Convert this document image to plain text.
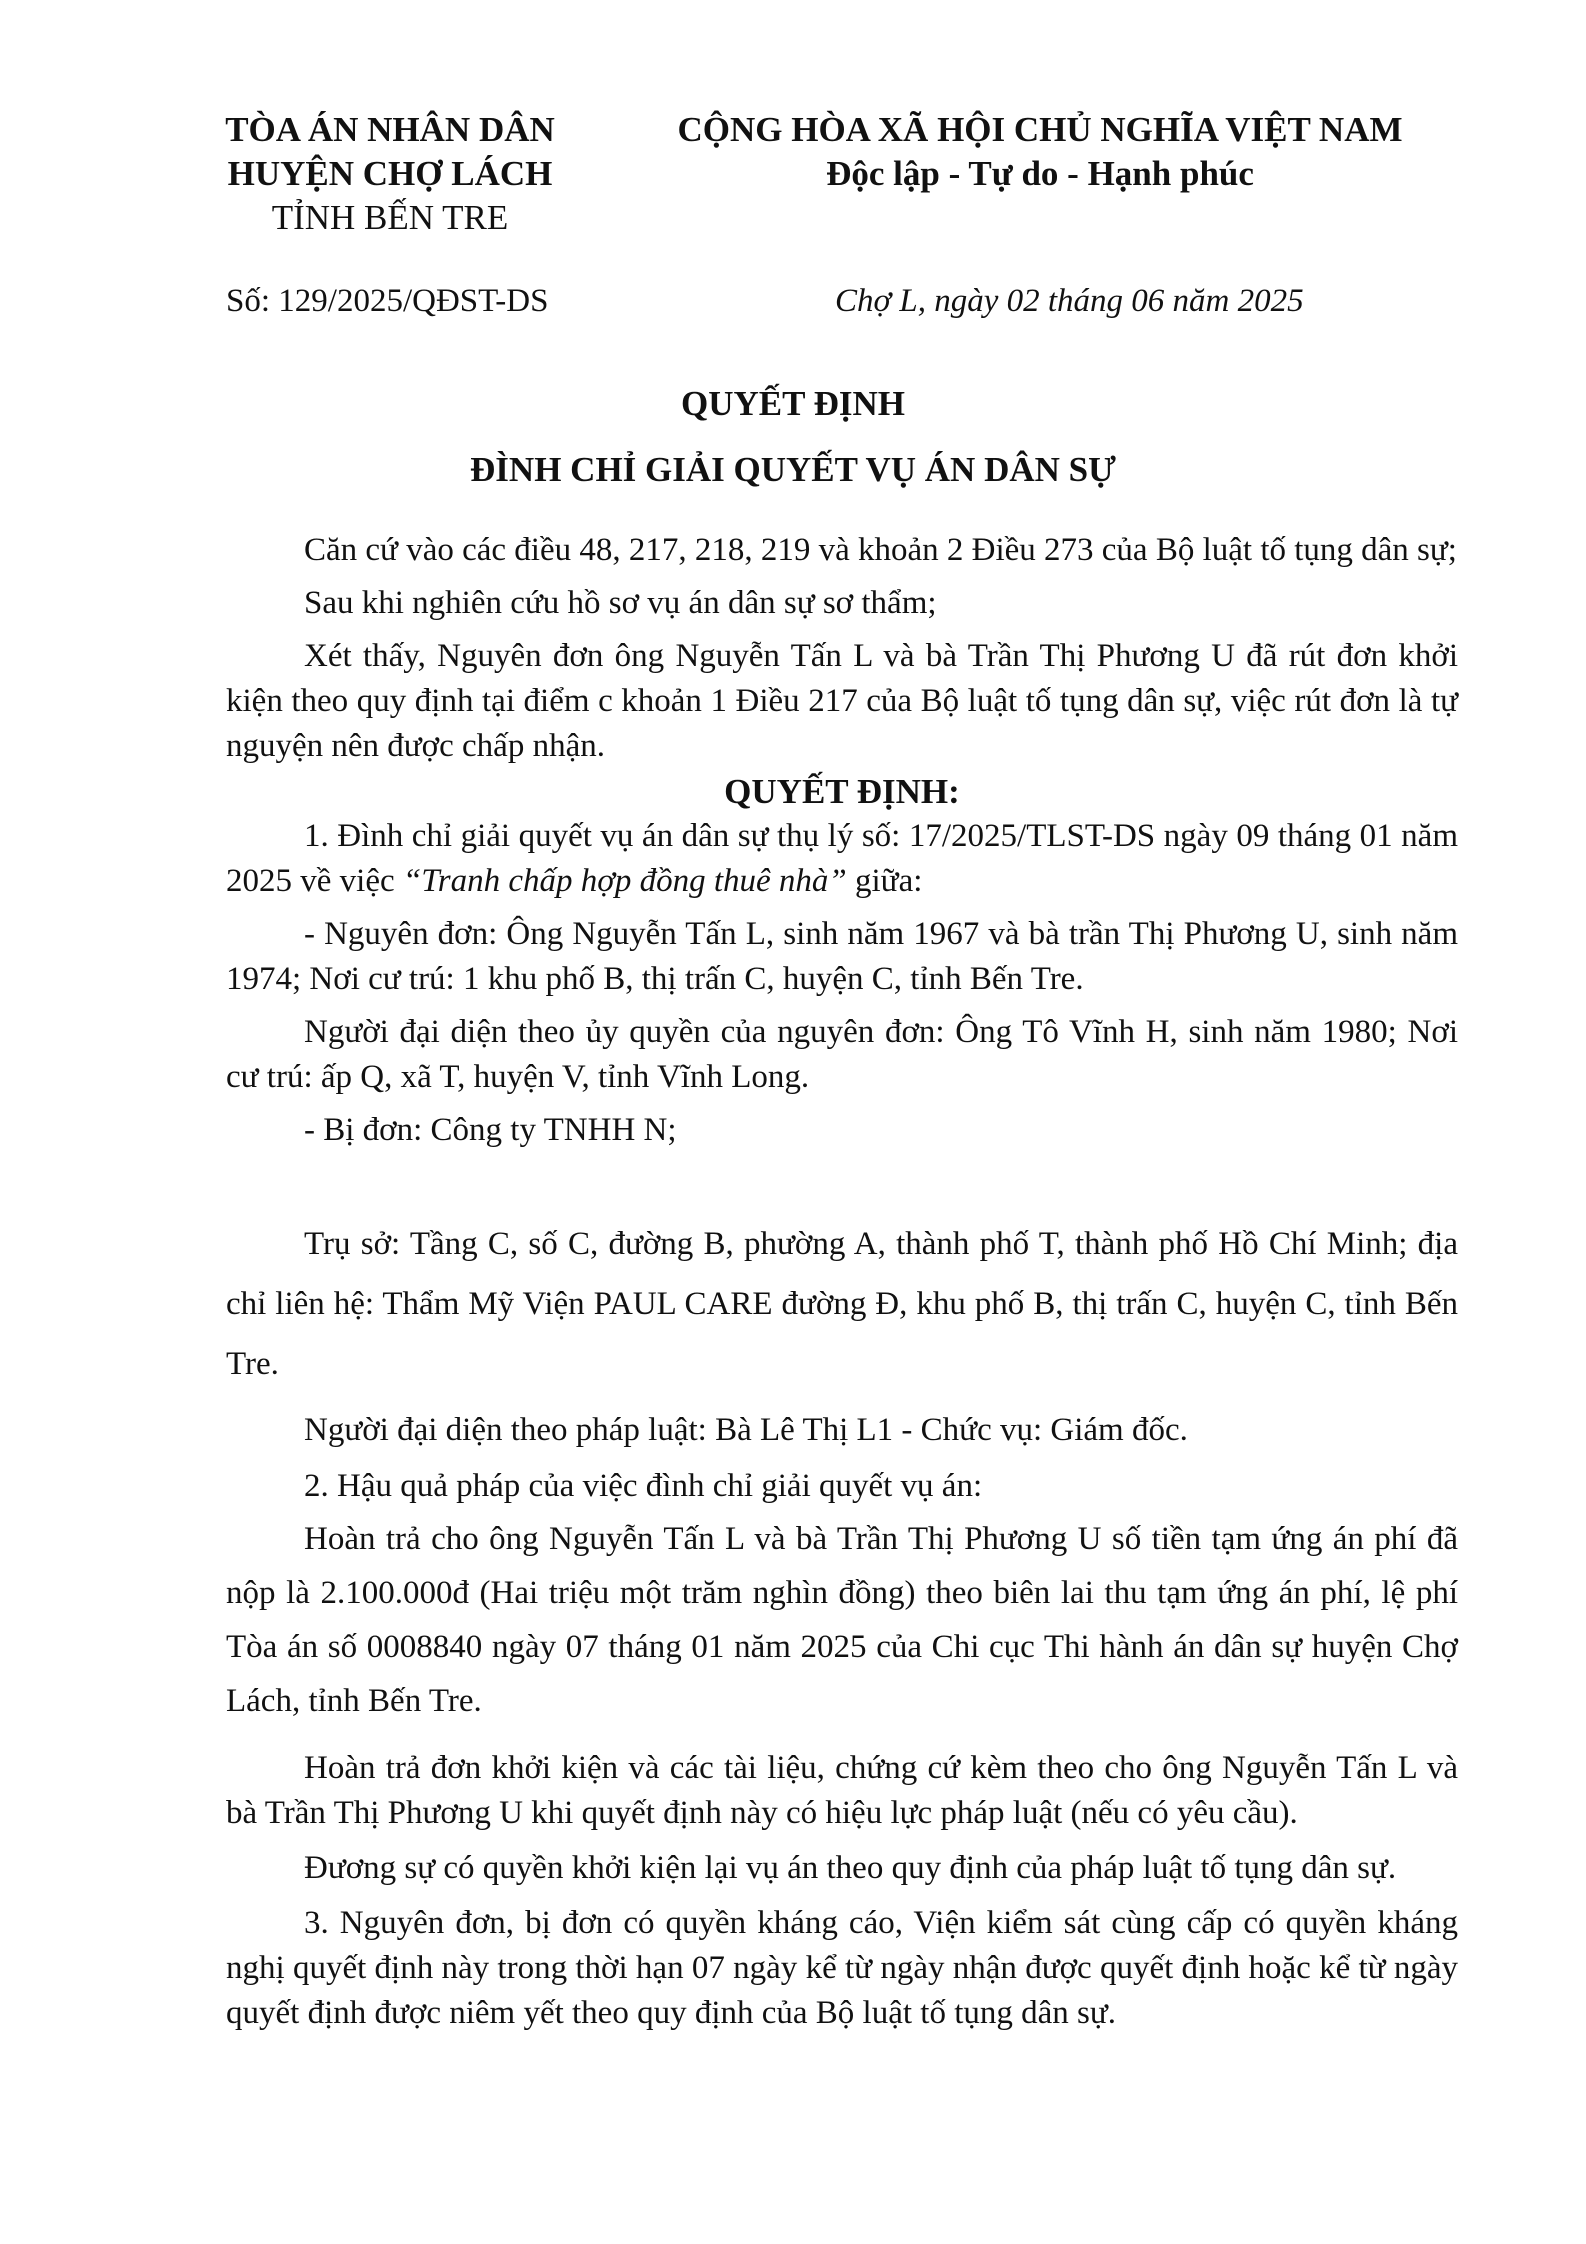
TÒA ÁN NHÂN DÂN
HUYỆN CHỢ LÁCH
TỈNH BẾN TRE
CỘNG HÒA XÃ HỘI CHỦ NGHĨA VIỆT NAM
Độc lập - Tự do - Hạnh phúc
Số: 129/2025/QĐST-DS	Chợ L, ngày 02 tháng 06 năm 2025
QUYẾT ĐỊNH
ĐÌNH CHỈ GIẢI QUYẾT VỤ ÁN DÂN SỰ

Căn cứ vào các điều 48, 217, 218, 219 và khoản 2 Điều 273 của Bộ luật tố tụng dân sự;

Sau khi nghiên cứu hồ sơ vụ án dân sự sơ thẩm;

Xét thấy, Nguyên đơn ông Nguyễn Tấn L và bà Trần Thị Phương U đã rút đơn khởi kiện theo quy định tại điểm c khoản 1 Điều 217 của Bộ luật tố tụng dân sự, việc rút đơn là tự nguyện nên được chấp nhận.

QUYẾT ĐỊNH:

1. Đình chỉ giải quyết vụ án dân sự thụ lý số: 17/2025/TLST-DS ngày 09 tháng 01 năm 2025 về việc “Tranh chấp hợp đồng thuê nhà” giữa:

- Nguyên đơn: Ông Nguyễn Tấn L, sinh năm 1967 và bà trần Thị Phương U, sinh năm 1974; Nơi cư trú: 1 khu phố B, thị trấn C, huyện C, tỉnh Bến Tre.

Người đại diện theo ủy quyền của nguyên đơn: Ông Tô Vĩnh H, sinh năm 1980; Nơi cư trú: ấp Q, xã T, huyện V, tỉnh Vĩnh Long.

- Bị đơn: Công ty TNHH N;

Trụ sở: Tầng C, số C, đường B, phường A, thành phố T, thành phố Hồ Chí Minh; địa chỉ liên hệ: Thẩm Mỹ Viện PAUL CARE đường Đ, khu phố B, thị trấn C, huyện C, tỉnh Bến Tre.

Người đại diện theo pháp luật: Bà Lê Thị L1 - Chức vụ: Giám đốc.

2. Hậu quả pháp của việc đình chỉ giải quyết vụ án:

Hoàn trả cho ông Nguyễn Tấn L và bà Trần Thị Phương U số tiền tạm ứng án phí đã nộp là 2.100.000đ (Hai triệu một trăm nghìn đồng) theo biên lai thu tạm ứng án phí, lệ phí Tòa án số 0008840 ngày 07 tháng 01 năm 2025 của Chi cục Thi hành án dân sự huyện Chợ Lách, tỉnh Bến Tre.

Hoàn trả đơn khởi kiện và các tài liệu, chứng cứ kèm theo cho ông Nguyễn Tấn L và bà Trần Thị Phương U khi quyết định này có hiệu lực pháp luật (nếu có yêu cầu).

Đương sự có quyền khởi kiện lại vụ án theo quy định của pháp luật tố tụng dân sự.

3. Nguyên đơn, bị đơn có quyền kháng cáo, Viện kiểm sát cùng cấp có quyền kháng nghị quyết định này trong thời hạn 07 ngày kể từ ngày nhận được quyết định hoặc kể từ ngày quyết định được niêm yết theo quy định của Bộ luật tố tụng dân sự.
